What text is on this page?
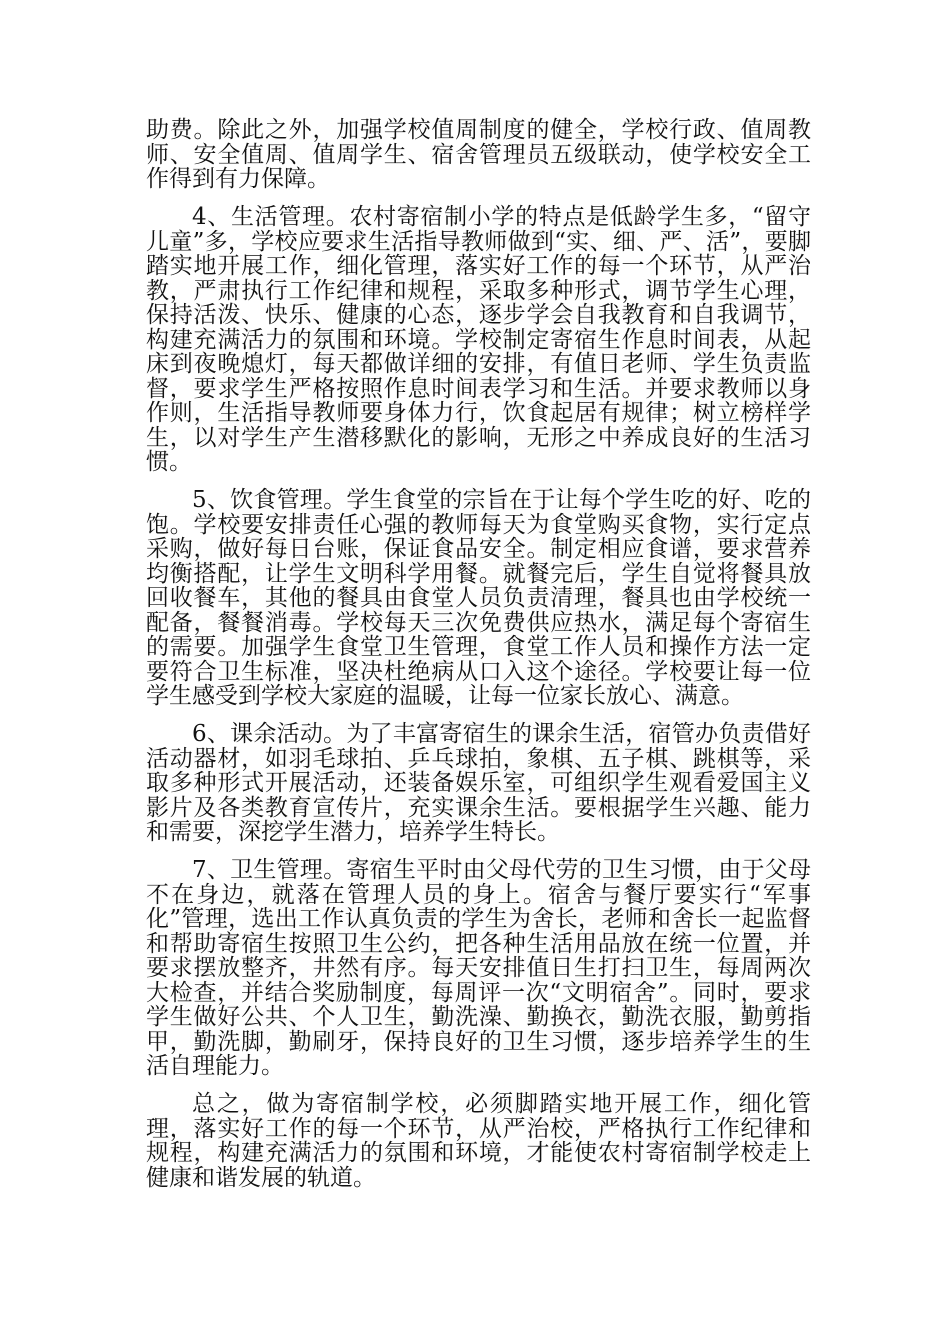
助费。除此之外，加强学校值周制度的健全，学校行政、值周教师、安全值周、值周学生、宿舍管理员五级联动，使学校安全工作得到有力保障。

4、生活管理。农村寄宿制小学的特点是低龄学生多，“留守儿童”多，学校应要求生活指导教师做到“实、细、严、活”，要脚踏实地开展工作，细化管理，落实好工作的每一个环节，从严治教，严肃执行工作纪律和规程，采取多种形式，调节学生心理，保持活泼、快乐、健康的心态，逐步学会自我教育和自我调节，构建充满活力的氛围和环境。学校制定寄宿生作息时间表，从起床到夜晚熄灯，每天都做详细的安排，有值日老师、学生负责监督，要求学生严格按照作息时间表学习和生活。并要求教师以身作则，生活指导教师要身体力行，饮食起居有规律；树立榜样学生，以对学生产生潜移默化的影响，无形之中养成良好的生活习惯。

5、饮食管理。学生食堂的宗旨在于让每个学生吃的好、吃的饱。学校要安排责任心强的教师每天为食堂购买食物，实行定点采购，做好每日台账，保证食品安全。制定相应食谱，要求营养均衡搭配，让学生文明科学用餐。就餐完后，学生自觉将餐具放回收餐车，其他的餐具由食堂人员负责清理，餐具也由学校统一配备，餐餐消毒。学校每天三次免费供应热水，满足每个寄宿生的需要。加强学生食堂卫生管理，食堂工作人员和操作方法一定要符合卫生标准，坚决杜绝病从口入这个途径。学校要让每一位学生感受到学校大家庭的温暖，让每一位家长放心、满意。

6、课余活动。为了丰富寄宿生的课余生活，宿管办负责借好活动器材，如羽毛球拍、乒乓球拍，象棋、五子棋、跳棋等，采取多种形式开展活动，还装备娱乐室，可组织学生观看爱国主义影片及各类教育宣传片，充实课余生活。要根据学生兴趣、能力和需要，深挖学生潜力，培养学生特长。

7、卫生管理。寄宿生平时由父母代劳的卫生习惯，由于父母不在身边，就落在管理人员的身上。宿舍与餐厅要实行“军事化”管理，选出工作认真负责的学生为舍长，老师和舍长一起监督和帮助寄宿生按照卫生公约，把各种生活用品放在统一位置，并要求摆放整齐，井然有序。每天安排值日生打扫卫生，每周两次大检查，并结合奖励制度，每周评一次“文明宿舍”。同时，要求学生做好公共、个人卫生，勤洗澡、勤换衣，勤洗衣服，勤剪指甲，勤洗脚，勤刷牙，保持良好的卫生习惯，逐步培养学生的生活自理能力。

总之，做为寄宿制学校，必须脚踏实地开展工作，细化管理，落实好工作的每一个环节，从严治校，严格执行工作纪律和规程，构建充满活力的氛围和环境，才能使农村寄宿制学校走上健康和谐发展的轨道。
